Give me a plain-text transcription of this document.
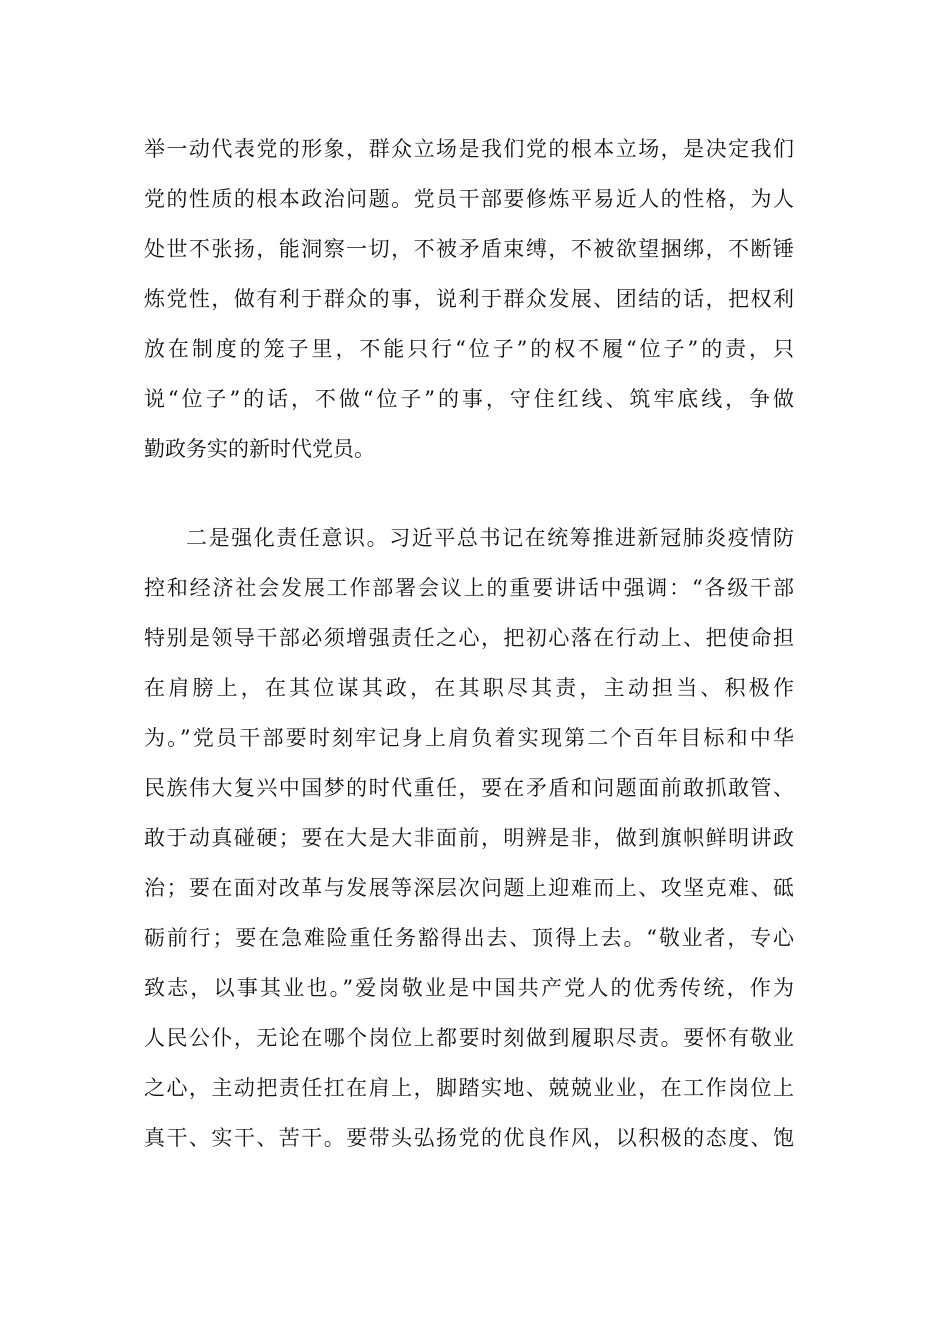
举一动代表党的形象，群众立场是我们党的根本立场，是决定我们
党的性质的根本政治问题。党员干部要修炼平易近人的性格，为人
处世不张扬，能洞察一切，不被矛盾束缚，不被欲望捆绑，不断锤
炼党性，做有利于群众的事，说利于群众发展、团结的话，把权利
放在制度的笼子里，不能只行“位子”的权不履“位子”的责，只
说“位子”的话，不做“位子”的事，守住红线、筑牢底线，争做
勤政务实的新时代党员。
二是强化责任意识。习近平总书记在统筹推进新冠肺炎疫情防
控和经济社会发展工作部署会议上的重要讲话中强调：“各级干部
特别是领导干部必须增强责任之心，把初心落在行动上、把使命担
在肩膀上，在其位谋其政，在其职尽其责，主动担当、积极作
为。”党员干部要时刻牢记身上肩负着实现第二个百年目标和中华
民族伟大复兴中国梦的时代重任，要在矛盾和问题面前敢抓敢管、
敢于动真碰硬；要在大是大非面前，明辨是非，做到旗帜鲜明讲政
治；要在面对改革与发展等深层次问题上迎难而上、攻坚克难、砥
砺前行；要在急难险重任务豁得出去、顶得上去。“敬业者，专心
致志，以事其业也。”爱岗敬业是中国共产党人的优秀传统，作为
人民公仆，无论在哪个岗位上都要时刻做到履职尽责。要怀有敬业
之心，主动把责任扛在肩上，脚踏实地、兢兢业业，在工作岗位上
真干、实干、苦干。要带头弘扬党的优良作风，以积极的态度、饱
